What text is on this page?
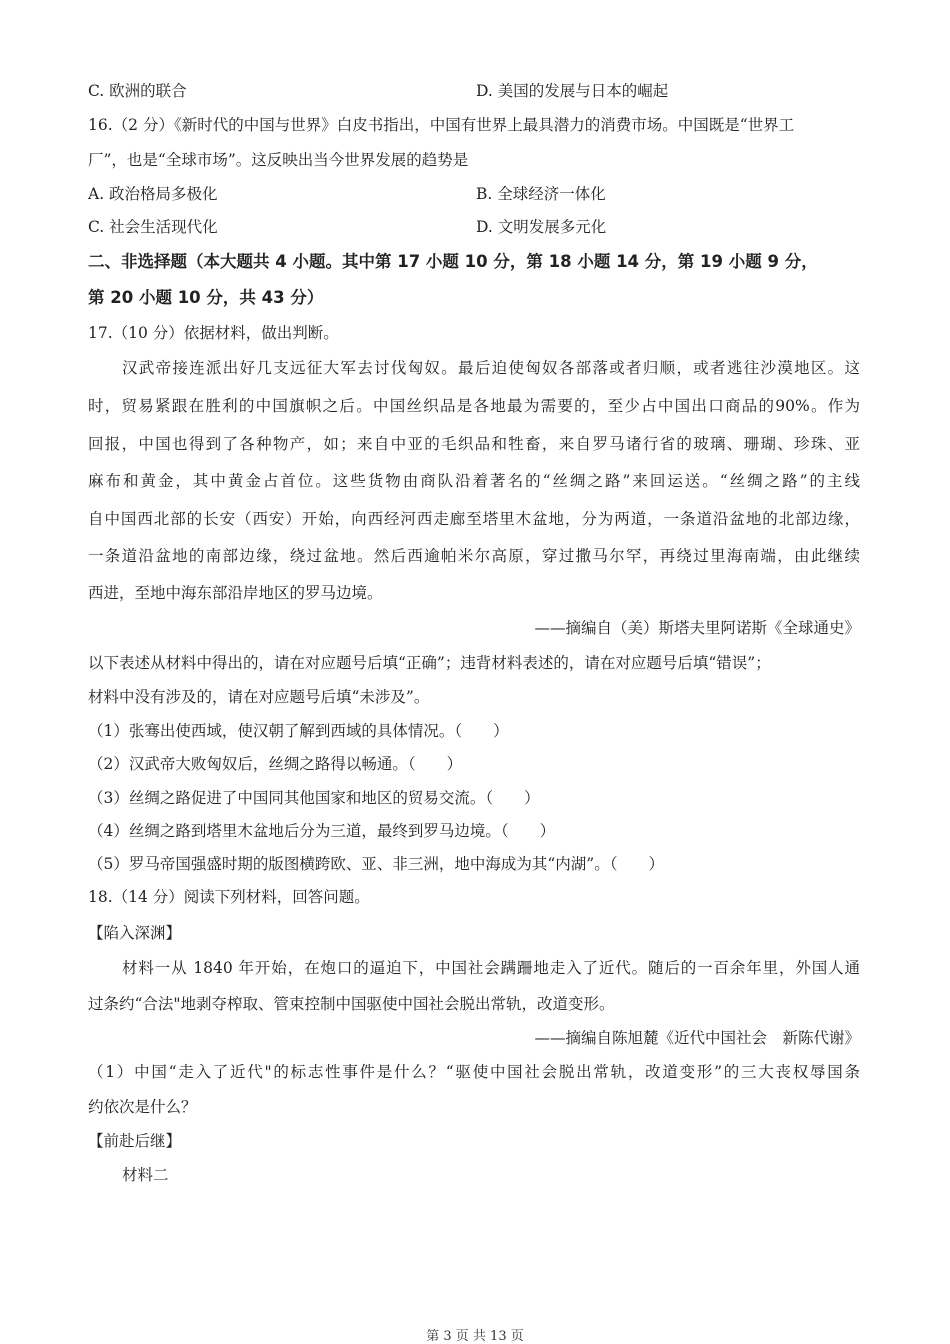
C. 欧洲的联合	D. 美国的发展与日本的崛起
16.（2 分）《新时代的中国与世界》白皮书指出，中国有世界上最具潜力的消费市场。中国既是“世界工
厂”，也是“全球市场”。这反映出当今世界发展的趋势是
A. 政治格局多极化	B. 全球经济一体化
C. 社会生活现代化	D. 文明发展多元化
二、非选择题（本大题共 4 小题。其中第 17 小题 10 分，第 18 小题 14 分，第 19 小题 9 分，
第 20 小题 10 分，共 43 分）
17.（10 分）依据材料，做出判断。
汉武帝接连派出好几支远征大军去讨伐匈奴。最后迫使匈奴各部落或者归顺，或者逃往沙漠地区。这
时，贸易紧跟在胜利的中国旗帜之后。中国丝织品是各地最为需要的，至少占中国出口商品的90%。作为
回报，中国也得到了各种物产，如；来自中亚的毛织品和牲畜，来自罗马诸行省的玻璃、珊瑚、珍珠、亚
麻布和黄金，其中黄金占首位。这些货物由商队沿着著名的“丝绸之路”来回运送。“丝绸之路”的主线
自中国西北部的长安（西安）开始，向西经河西走廊至塔里木盆地，分为两道，一条道沿盆地的北部边缘，
一条道沿盆地的南部边缘，绕过盆地。然后西逾帕米尔高原，穿过撒马尔罕，再绕过里海南端，由此继续
西进，至地中海东部沿岸地区的罗马边境。
——摘编自（美）斯塔夫里阿诺斯《全球通史》
以下表述从材料中得出的，请在对应题号后填“正确”；违背材料表述的，请在对应题号后填“错误”；
材料中没有涉及的，请在对应题号后填“未涉及”。
（1）张骞出使西域，使汉朝了解到西域的具体情况。（　　）
（2）汉武帝大败匈奴后，丝绸之路得以畅通。（　　）
（3）丝绸之路促进了中国同其他国家和地区的贸易交流。（　　）
（4）丝绸之路到塔里木盆地后分为三道，最终到罗马边境。（　　）
（5）罗马帝国强盛时期的版图横跨欧、亚、非三洲，地中海成为其“内湖”。（　　）
18.（14 分）阅读下列材料，回答问题。
【陷入深渊】
材料一从 1840 年开始，在炮口的逼迫下，中国社会蹒跚地走入了近代。随后的一百余年里，外国人通
过条约“合法"地剥夺榨取、管束控制中国驱使中国社会脱出常轨，改道变形。
——摘编自陈旭麓《近代中国社会　新陈代谢》
（1）中国“走入了近代"的标志性事件是什么？“驱使中国社会脱出常轨，改道变形”的三大丧权辱国条
约依次是什么？
【前赴后继】
材料二
第 3 页 共 13 页
